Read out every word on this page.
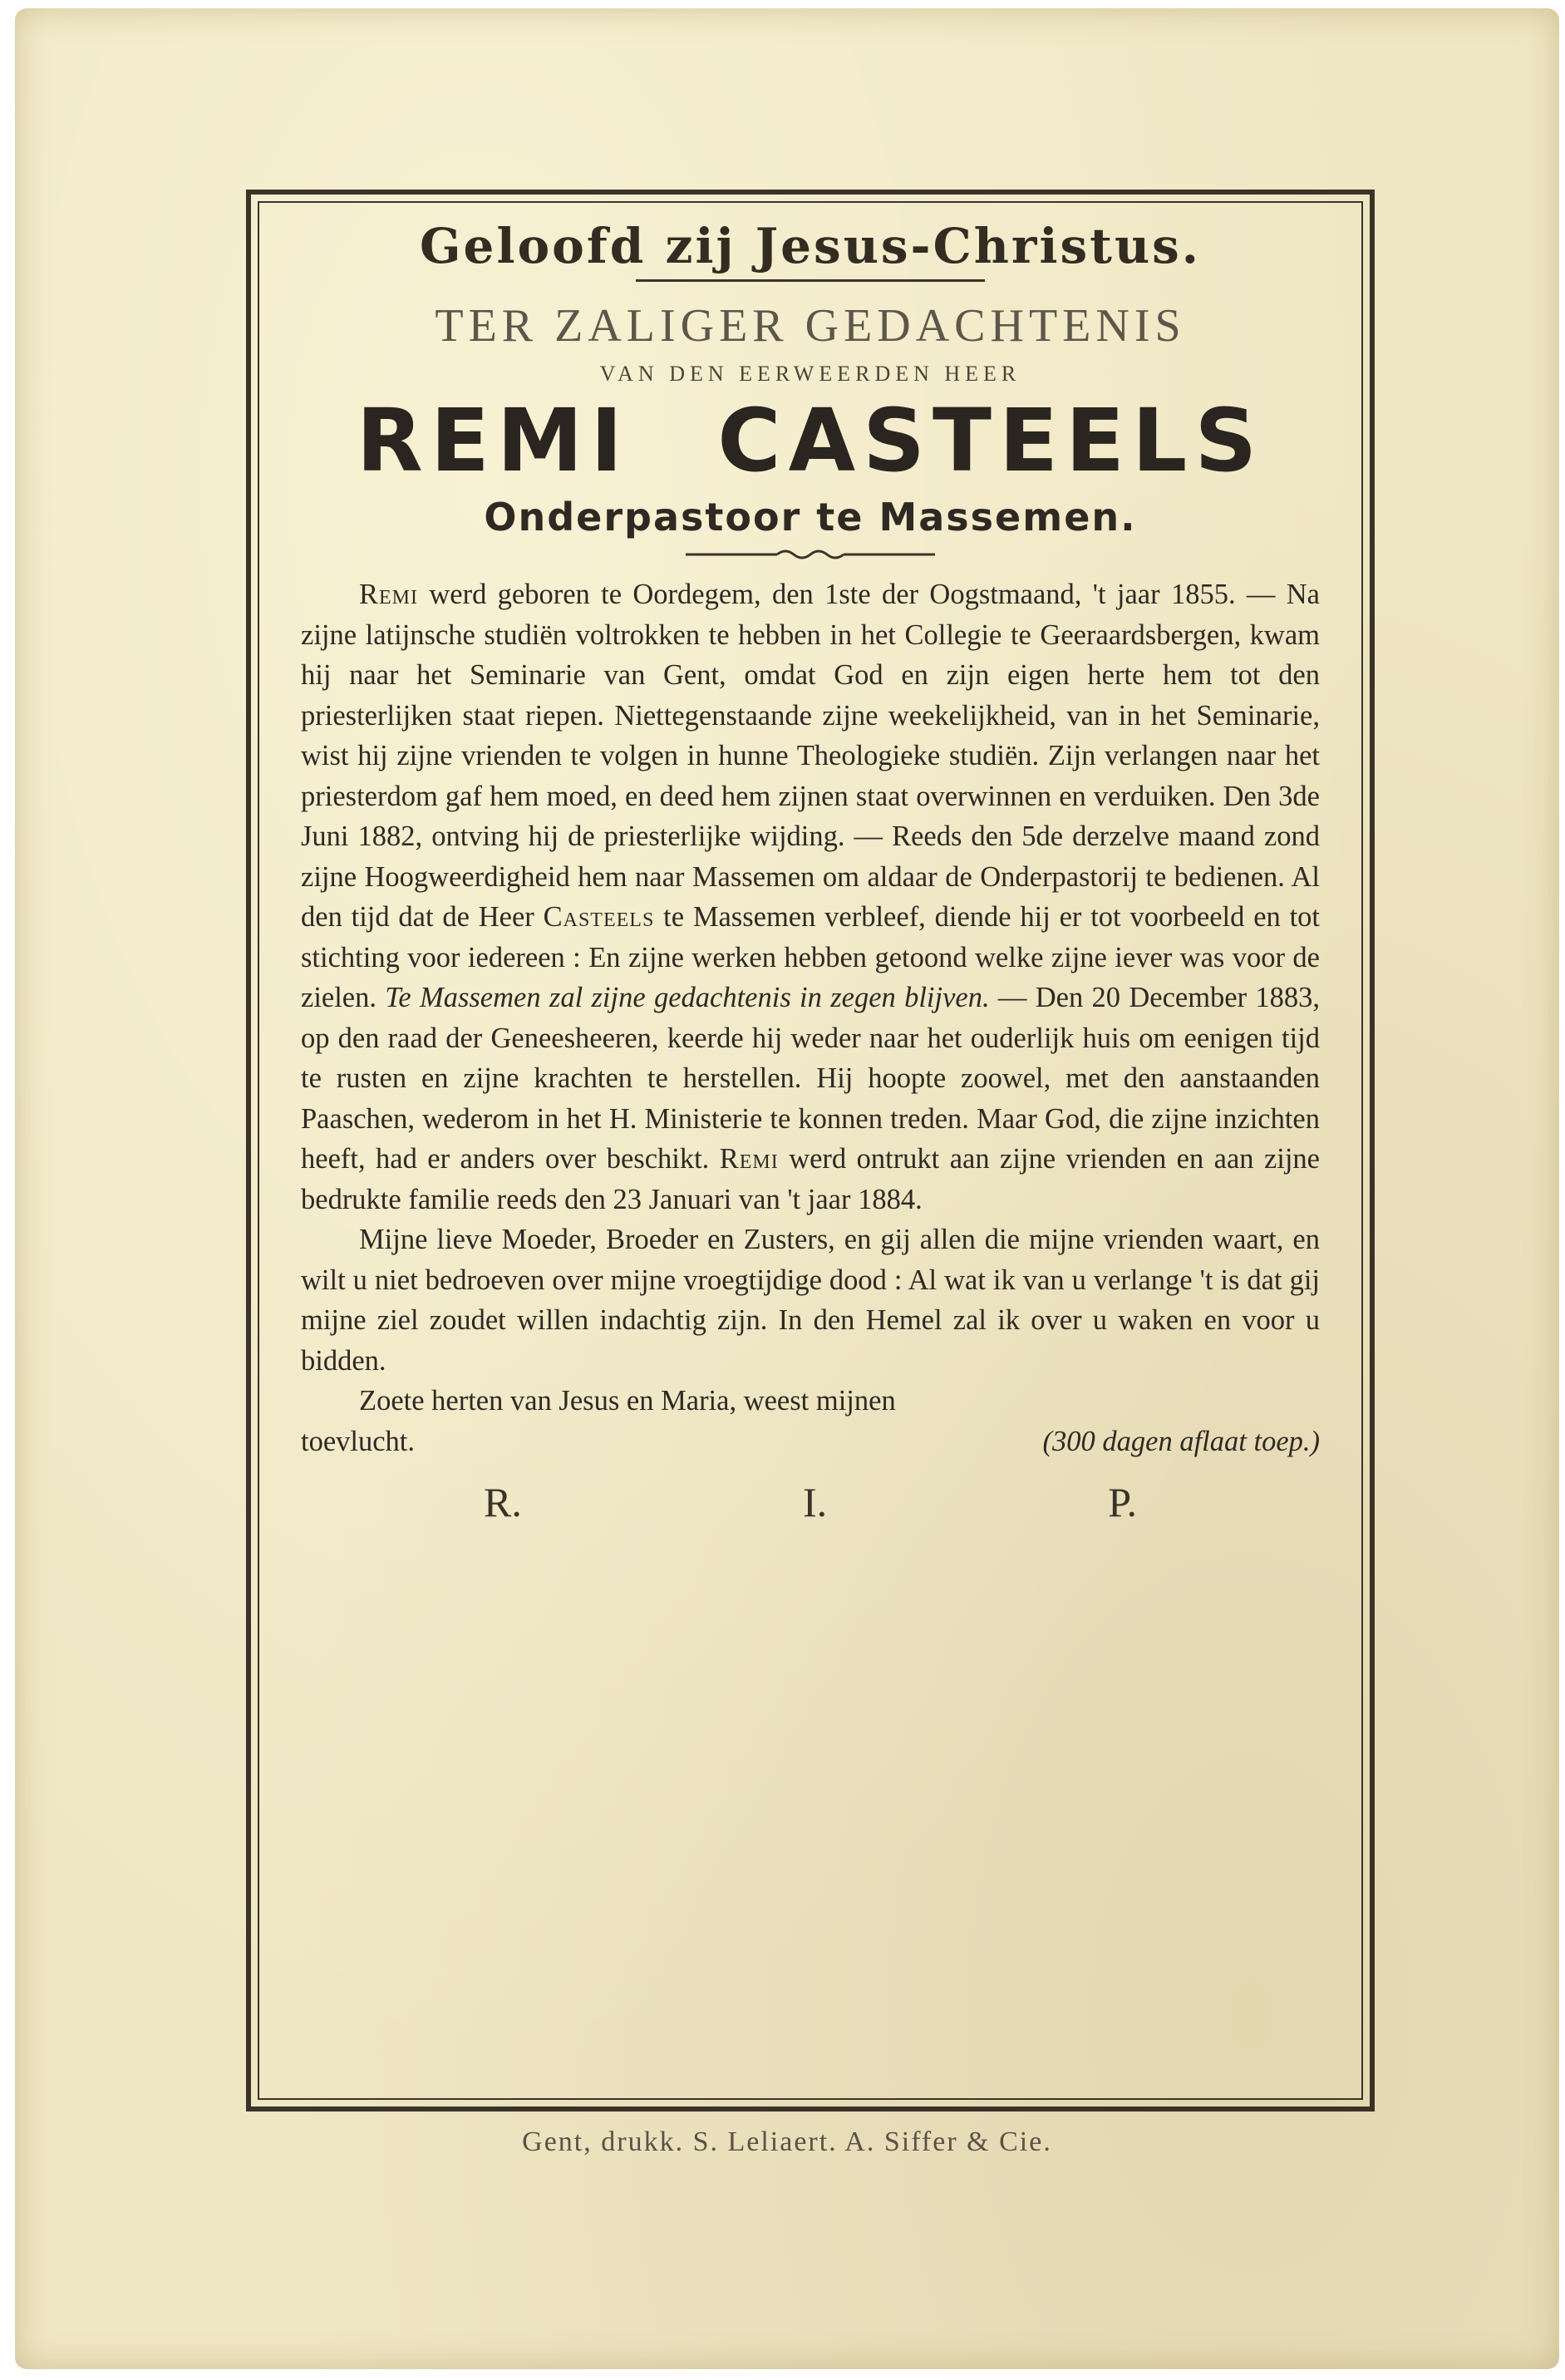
Geloofd zij Jesus-Christus.
TER ZALIGER GEDACHTENIS
VAN DEN EERWEERDEN HEER
REMI CASTEELS
Onderpastoor te Massemen.

Remi werd geboren te Oordegem, den 1ste der Oogstmaand, 't jaar 1855. — Na zijne latijnsche studiën voltrokken te hebben in het Collegie te Geeraardsbergen, kwam hij naar het Seminarie van Gent, omdat God en zijn eigen herte hem tot den priesterlijken staat riepen. Niettegenstaande zijne weekelijkheid, van in het Seminarie, wist hij zijne vrienden te volgen in hunne Theologieke studiën. Zijn verlangen naar het priesterdom gaf hem moed, en deed hem zijnen staat overwinnen en verduiken. Den 3de Juni 1882, ontving hij de priesterlijke wijding. — Reeds den 5de derzelve maand zond zijne Hoogweerdigheid hem naar Massemen om aldaar de Onderpastorij te bedienen. Al den tijd dat de Heer Casteels te Massemen verbleef, diende hij er tot voorbeeld en tot stichting voor iedereen : En zijne werken hebben getoond welke zijne iever was voor de zielen. Te Massemen zal zijne gedachtenis in zegen blijven. — Den 20 December 1883, op den raad der Geneesheeren, keerde hij weder naar het ouderlijk huis om eenigen tijd te rusten en zijne krachten te herstellen. Hij hoopte zoowel, met den aanstaanden Paaschen, wederom in het H. Ministerie te konnen treden. Maar God, die zijne inzichten heeft, had er anders over beschikt. Remi werd ontrukt aan zijne vrienden en aan zijne bedrukte familie reeds den 23 Januari van 't jaar 1884.

Mijne lieve Moeder, Broeder en Zusters, en gij allen die mijne vrienden waart, en wilt u niet bedroeven over mijne vroegtijdige dood : Al wat ik van u verlange 't is dat gij mijne ziel zoudet willen indachtig zijn. In den Hemel zal ik over u waken en voor u bidden.

Zoete herten van Jesus en Maria, weest mijnen

toevlucht.	(300 dagen aflaat toep.)
R.	I.	P.
Gent, drukk. S. Leliaert. A. Siffer & Cie.
